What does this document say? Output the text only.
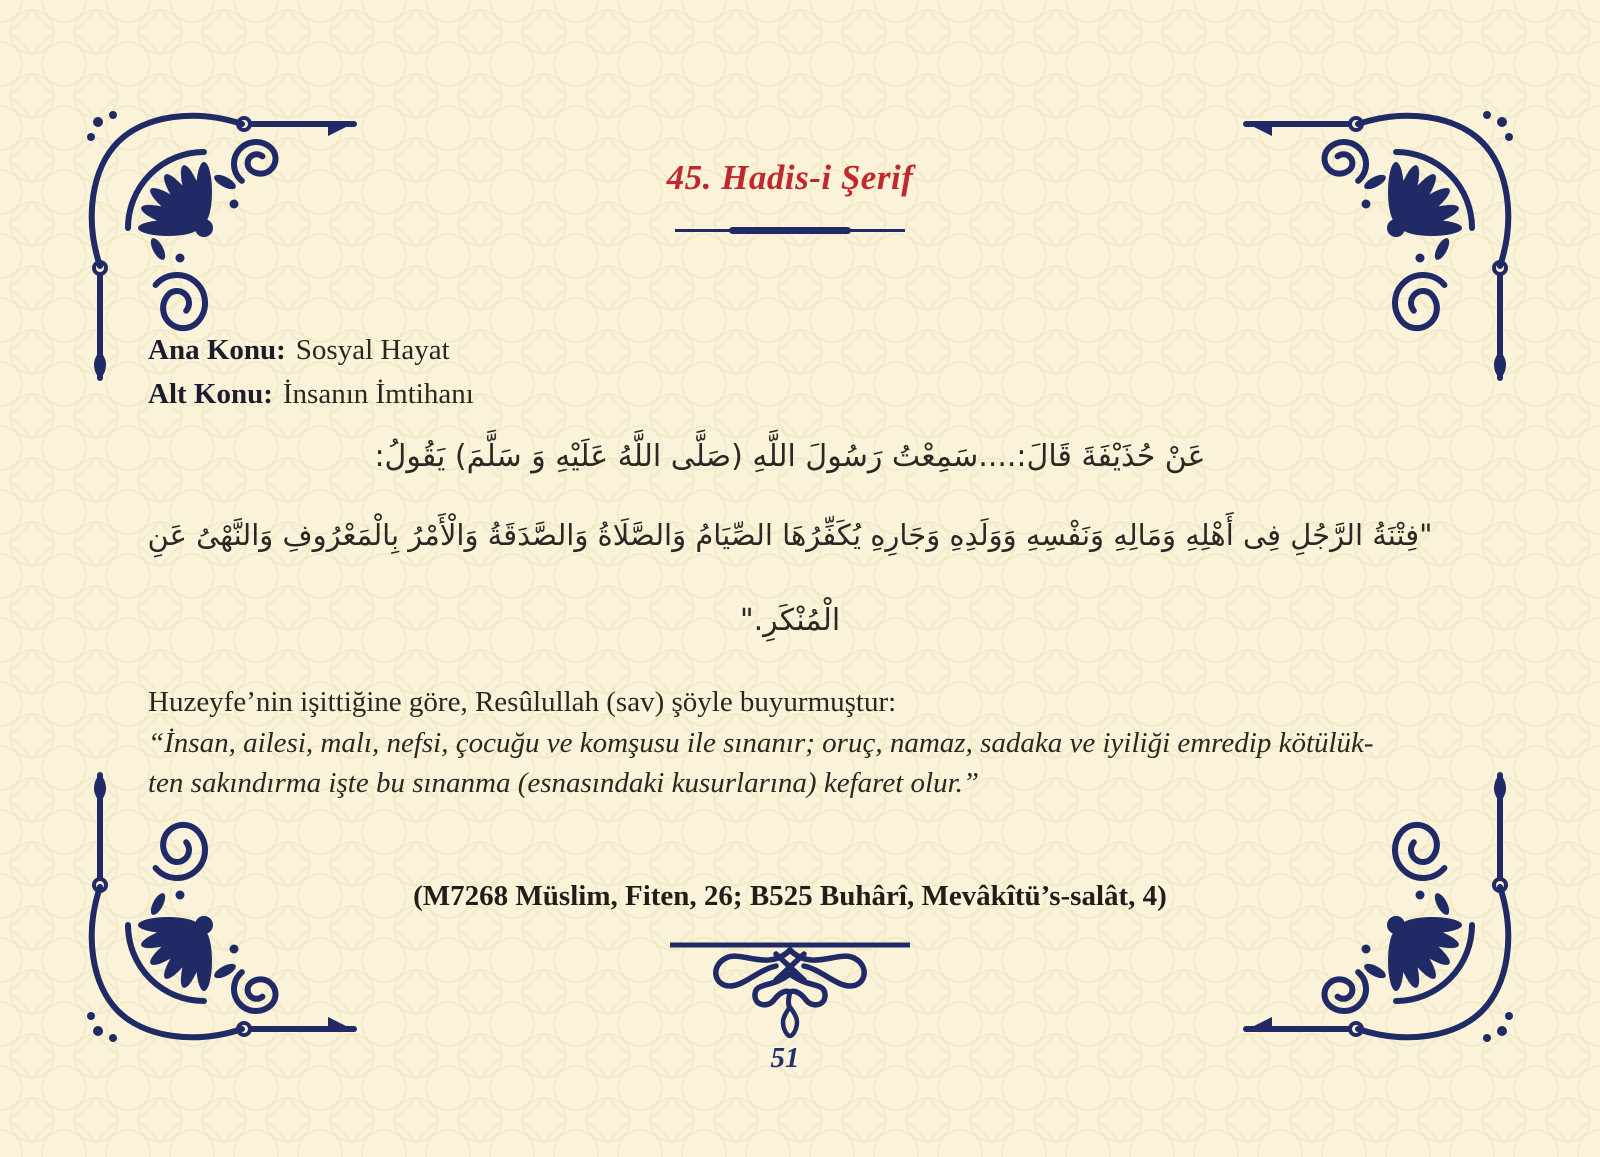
45. Hadis-i Şerif
Ana Konu: Sosyal Hayat
Alt Konu: İnsanın İmtihanı
عَنْ حُذَيْفَةَ قَالَ:....سَمِعْتُ رَسُولَ اللَّهِ (صَلَّى اللَّهُ عَلَيْهِ وَ سَلَّمَ) يَقُولُ:
"فِتْنَةُ الرَّجُلِ فِى أَهْلِهِ وَمَالِهِ وَنَفْسِهِ وَوَلَدِهِ وَجَارِهِ يُكَفِّرُهَا الصِّيَامُ وَالصَّلَاةُ وَالصَّدَقَةُ وَالْأَمْرُ بِالْمَعْرُوفِ وَالنَّهْىُ عَنِ
الْمُنْكَرِ."
Huzeyfe’nin işittiğine göre, Resûlullah (sav) şöyle buyurmuştur:
“İnsan, ailesi, malı, nefsi, çocuğu ve komşusu ile sınanır; oruç, namaz, sadaka ve iyiliği emredip kötülük-
ten sakındırma işte bu sınanma (esnasındaki kusurlarına) kefaret olur.”
(M7268 Müslim, Fiten, 26; B525 Buhârî, Mevâkîtü’s-salât, 4)
51
